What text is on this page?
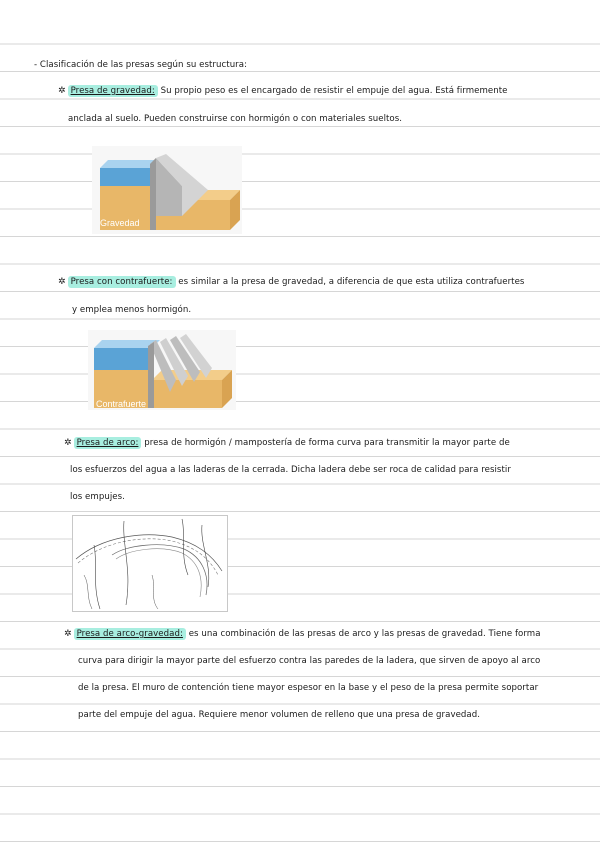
- Clasificación de las presas según su estructura:
✲ Presa de gravedad: Su propio peso es el encargado de resistir el empuje del agua. Está firmemente
anclada al suelo. Pueden construirse con hormigón o con materiales sueltos.
Gravedad
✲ Presa con contrafuerte: es similar a la presa de gravedad, a diferencia de que esta utiliza contrafuertes
y emplea menos hormigón.
Contrafuerte
✲ Presa de arco: presa de hormigón / mampostería de forma curva para transmitir la mayor parte de
los esfuerzos del agua a las laderas de la cerrada. Dicha ladera debe ser roca de calidad para resistir
los empujes.
✲ Presa de arco-gravedad: es una combinación de las presas de arco y las presas de gravedad. Tiene forma
curva para dirigir la mayor parte del esfuerzo contra las paredes de la ladera, que sirven de apoyo al arco
de la presa. El muro de contención tiene mayor espesor en la base y el peso de la presa permite soportar
parte del empuje del agua. Requiere menor volumen de relleno que una presa de gravedad.
